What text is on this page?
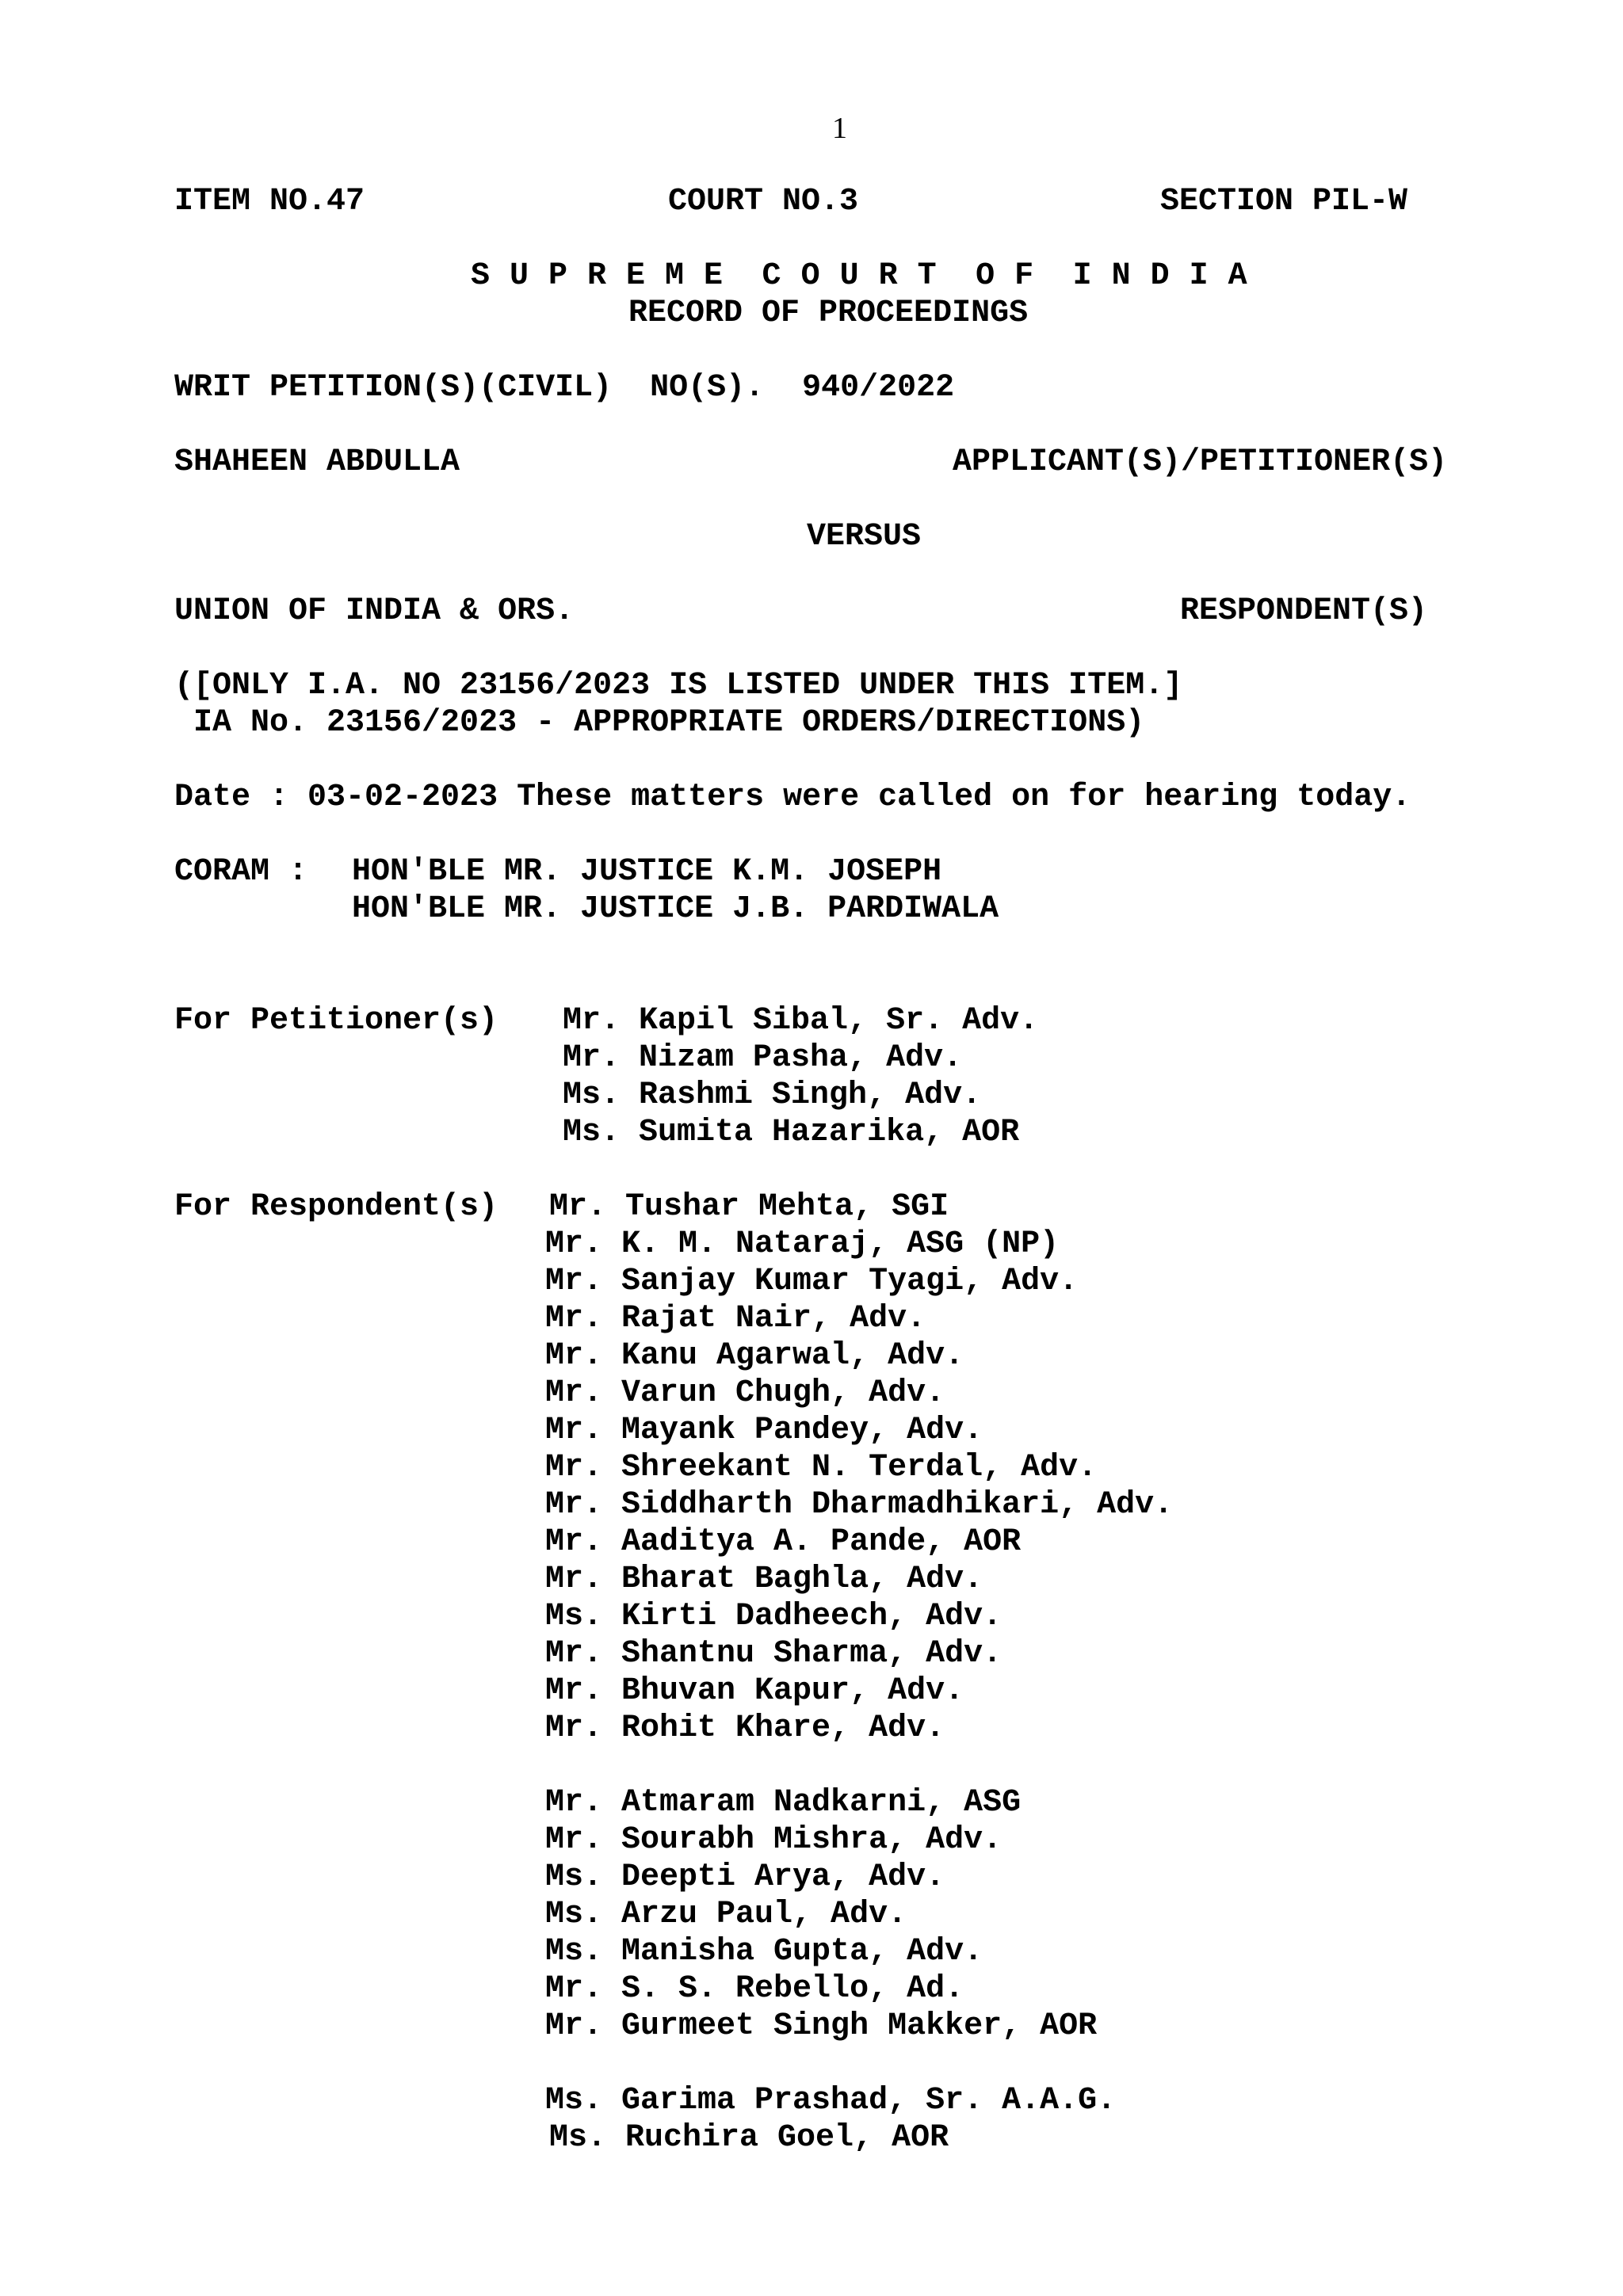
1
ITEM NO.47	COURT NO.3	SECTION PIL-W
S U P R E M E  C O U R T  O F  I N D I A
RECORD OF PROCEEDINGS
WRIT PETITION(S)(CIVIL)  NO(S).  940/2022
SHAHEEN ABDULLA	APPLICANT(S)/PETITIONER(S)
VERSUS
UNION OF INDIA & ORS.	RESPONDENT(S)
([ONLY I.A. NO 23156/2023 IS LISTED UNDER THIS ITEM.]
IA No. 23156/2023 - APPROPRIATE ORDERS/DIRECTIONS)
Date : 03-02-2023 These matters were called on for hearing today.
CORAM : HON'BLE MR. JUSTICE K.M. JOSEPH
HON'BLE MR. JUSTICE J.B. PARDIWALA
For Petitioner(s) Mr. Kapil Sibal, Sr. Adv.
Mr. Nizam Pasha, Adv.
Ms. Rashmi Singh, Adv.
Ms. Sumita Hazarika, AOR
For Respondent(s) Mr. Tushar Mehta, SGI
Mr. K. M. Nataraj, ASG (NP)
Mr. Sanjay Kumar Tyagi, Adv.
Mr. Rajat Nair, Adv.
Mr. Kanu Agarwal, Adv.
Mr. Varun Chugh, Adv.
Mr. Mayank Pandey, Adv.
Mr. Shreekant N. Terdal, Adv.
Mr. Siddharth Dharmadhikari, Adv.
Mr. Aaditya A. Pande, AOR
Mr. Bharat Baghla, Adv.
Ms. Kirti Dadheech, Adv.
Mr. Shantnu Sharma, Adv.
Mr. Bhuvan Kapur, Adv.
Mr. Rohit Khare, Adv.
Mr. Atmaram Nadkarni, ASG
Mr. Sourabh Mishra, Adv.
Ms. Deepti Arya, Adv.
Ms. Arzu Paul, Adv.
Ms. Manisha Gupta, Adv.
Mr. S. S. Rebello, Ad.
Mr. Gurmeet Singh Makker, AOR
Ms. Garima Prashad, Sr. A.A.G.
Ms. Ruchira Goel, AOR
